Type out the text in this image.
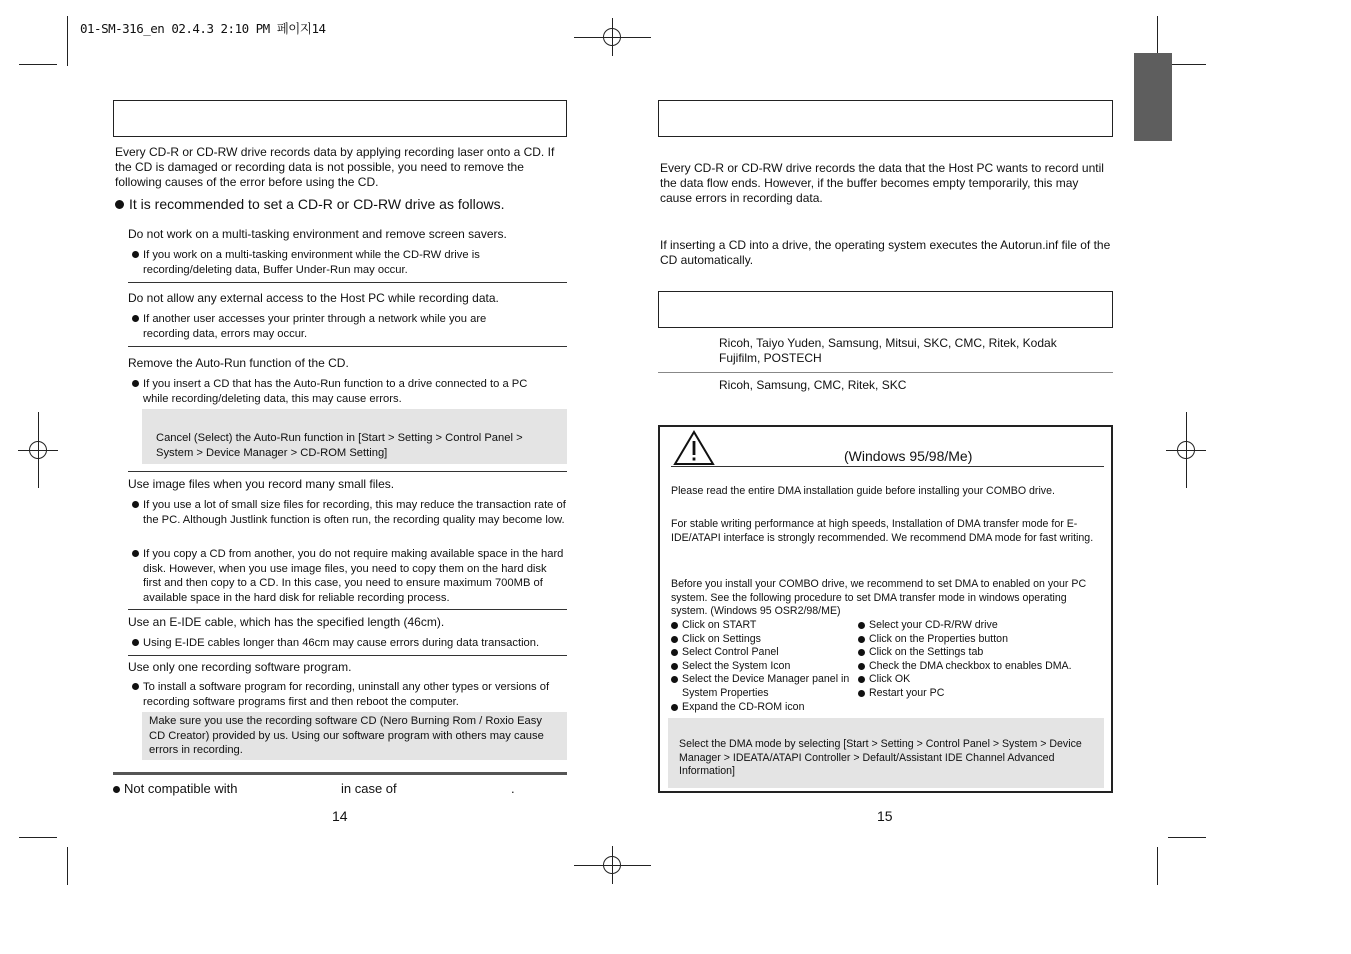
01-SM-316_en 02.4.3 2:10 PM 페이지14
Every CD-R or CD-RW drive records data by applying recording laser onto a CD. If the CD is damaged or recording data is not possible, you need to remove the following causes of the error before using the CD.
It is recommended to set a CD-R or CD-RW drive as follows.
Do not work on a multi-tasking environment and remove screen savers.
If you work on a multi-tasking environment while the CD-RW drive is recording/deleting data, Buffer Under-Run may occur.
Do not allow any external access to the Host PC while recording data.
If another user accesses your printer through a network while you are recording data, errors may occur.
Remove the Auto-Run function of the CD.
If you insert a CD that has the Auto-Run function to a drive connected to a PC while recording/deleting data, this may cause errors.
Cancel (Select) the Auto-Run function in [Start > Setting > Control Panel > System > Device Manager > CD-ROM Setting]
Use image files when you record many small files.
If you use a lot of small size files for recording, this may reduce the transaction rate of the PC. Although Justlink function is often run, the recording quality may become low.
If you copy a CD from another, you do not require making available space in the hard disk. However, when you use image files, you need to copy them on the hard disk first and then copy to a CD. In this case, you need to ensure maximum 700MB of available space in the hard disk for reliable recording process.
Use an E-IDE cable, which has the specified length (46cm).
Using E-IDE cables longer than 46cm may cause errors during data transaction.
Use only one recording software program.
To install a software program for recording, uninstall any other types or versions of recording software programs first and then reboot the computer.
Make sure you use the recording software CD (Nero Burning Rom / Roxio Easy CD Creator) provided by us. Using our software program with others may cause errors in recording.
Not compatible with	in case of	.
14
Every CD-R or CD-RW drive records the data that the Host PC wants to record until the data flow ends. However, if the buffer becomes empty temporarily, this may cause errors in recording data.
If inserting a CD into a drive, the operating system executes the Autorun.inf file of the CD automatically.
Ricoh, Taiyo Yuden, Samsung, Mitsui, SKC, CMC, Ritek, Kodak Fujifilm, POSTECH
Ricoh, Samsung, CMC, Ritek, SKC
(Windows 95/98/Me)
Please read the entire DMA installation guide before installing your COMBO drive.
For stable writing performance at high speeds, Installation of DMA transfer mode for E-IDE/ATAPI interface is strongly recommended. We recommend DMA mode for fast writing.
Before you install your COMBO drive, we recommend to set DMA to enabled on your PC system. See the following procedure to set DMA transfer mode in windows operating system. (Windows 95 OSR2/98/ME)
Click on START
Click on Settings
Select Control Panel
Select the System Icon
Select the Device Manager panel in System Properties
Expand the CD-ROM icon
Select your CD-R/RW drive
Click on the Properties button
Click on the Settings tab
Check the DMA checkbox to enables DMA.
Click OK
Restart your PC
Select the DMA mode by selecting [Start > Setting > Control Panel > System > Device Manager > IDEATA/ATAPI Controller > Default/Assistant IDE Channel Advanced Information]
15
